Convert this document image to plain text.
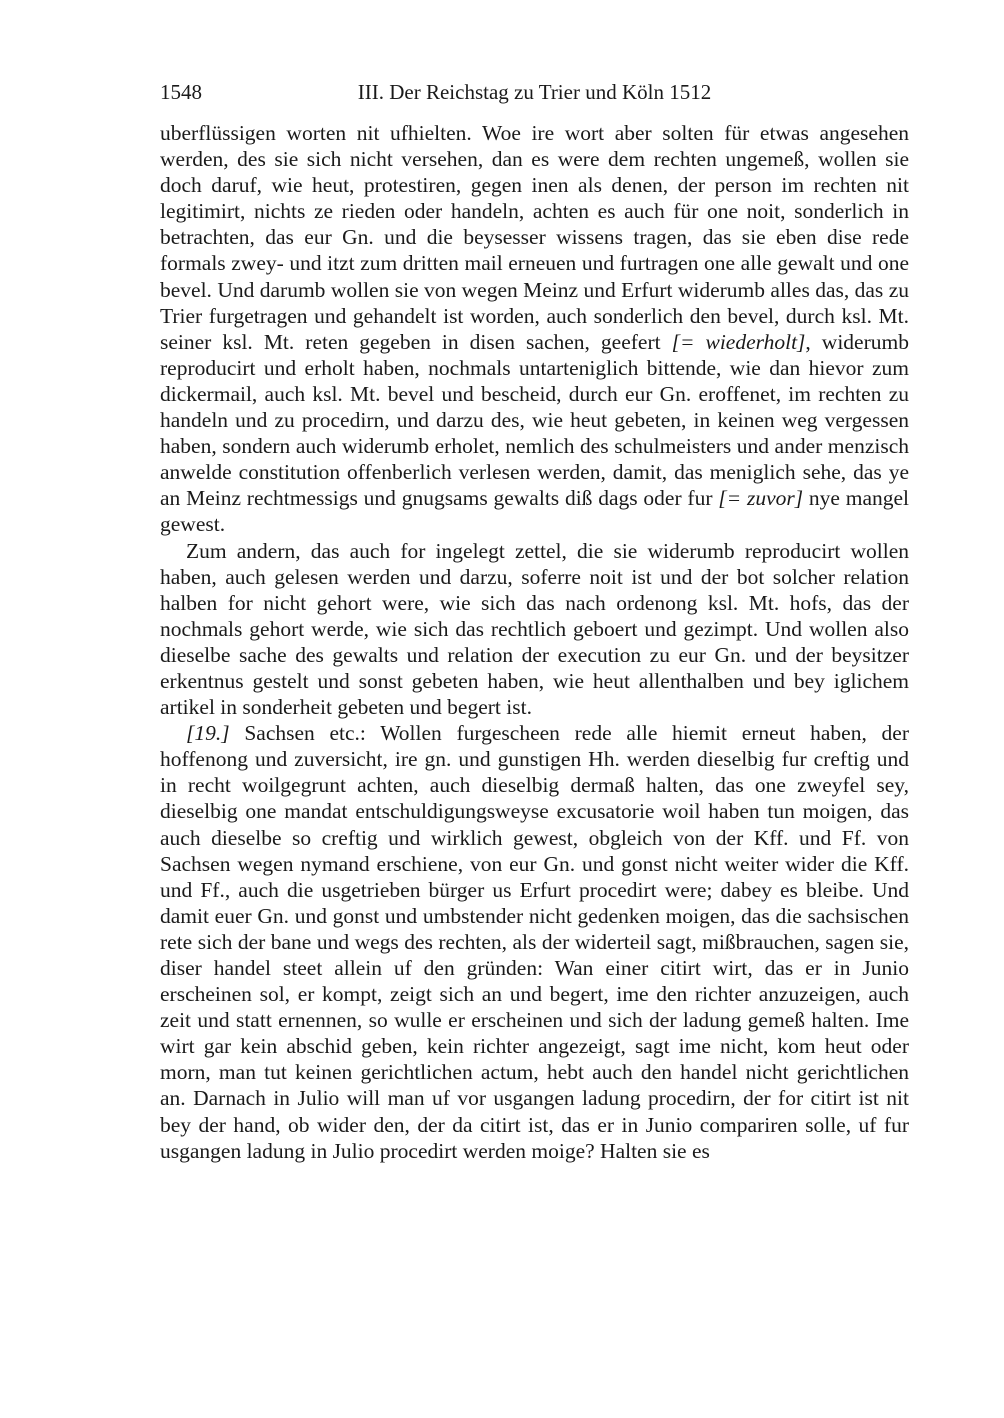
1548	III. Der Reichstag zu Trier und Köln 1512

uberflüssigen worten nit ufhielten. Woe ire wort aber solten für etwas angesehen werden, des sie sich nicht versehen, dan es were dem rechten ungemeß, wollen sie doch daruf, wie heut, protestiren, gegen inen als denen, der person im rechten nit legitimirt, nichts ze rieden oder handeln, achten es auch für one noit, sonderlich in betrachten, das eur Gn. und die beysesser wissens tragen, das sie eben dise rede formals zwey- und itzt zum dritten mail erneuen und furtragen one alle gewalt und one bevel. Und darumb wollen sie von wegen Meinz und Erfurt widerumb alles das, das zu Trier furgetragen und gehandelt ist worden, auch sonderlich den bevel, durch ksl. Mt. seiner ksl. Mt. reten gegeben in disen sachen, geefert [= wiederholt], widerumb reproducirt und erholt haben, nochmals untarteniglich bittende, wie dan hievor zum dickermail, auch ksl. Mt. bevel und bescheid, durch eur Gn. eroffenet, im rechten zu handeln und zu procedirn, und darzu des, wie heut gebeten, in keinen weg vergessen haben, sondern auch widerumb erholet, nemlich des schulmeisters und ander menzisch anwelde constitution offenberlich verlesen werden, damit, das meniglich sehe, das ye an Meinz rechtmessigs und gnugsams gewalts diß dags oder fur [= zuvor] nye mangel gewest.

Zum andern, das auch for ingelegt zettel, die sie widerumb reproducirt wollen haben, auch gelesen werden und darzu, soferre noit ist und der bot solcher relation halben for nicht gehort were, wie sich das nach ordenong ksl. Mt. hofs, das der nochmals gehort werde, wie sich das rechtlich geboert und gezimpt. Und wollen also dieselbe sache des gewalts und relation der execution zu eur Gn. und der beysitzer erkentnus gestelt und sonst gebeten haben, wie heut allenthalben und bey iglichem artikel in sonderheit gebeten und begert ist.

[19.] Sachsen etc.: Wollen furgescheen rede alle hiemit erneut haben, der hoffenong und zuversicht, ire gn. und gunstigen Hh. werden dieselbig fur creftig und in recht woilgegrunt achten, auch dieselbig dermaß halten, das one zweyfel sey, dieselbig one mandat entschuldigungsweyse excusatorie woil haben tun moigen, das auch dieselbe so creftig und wirklich gewest, obgleich von der Kff. und Ff. von Sachsen wegen nymand erschiene, von eur Gn. und gonst nicht weiter wider die Kff. und Ff., auch die usgetrieben bürger us Erfurt procedirt were; dabey es bleibe. Und damit euer Gn. und gonst und umbstender nicht gedenken moigen, das die sachsischen rete sich der bane und wegs des rechten, als der widerteil sagt, mißbrauchen, sagen sie, diser handel steet allein uf den gründen: Wan einer citirt wirt, das er in Junio erscheinen sol, er kompt, zeigt sich an und begert, ime den richter anzuzeigen, auch zeit und statt ernennen, so wulle er erscheinen und sich der ladung gemeß halten. Ime wirt gar kein abschid geben, kein richter angezeigt, sagt ime nicht, kom heut oder morn, man tut keinen gerichtlichen actum, hebt auch den handel nicht gerichtlichen an. Darnach in Julio will man uf vor usgangen ladung procedirn, der for citirt ist nit bey der hand, ob wider den, der da citirt ist, das er in Junio compariren solle, uf fur usgangen ladung in Julio procedirt werden moige? Halten sie es
